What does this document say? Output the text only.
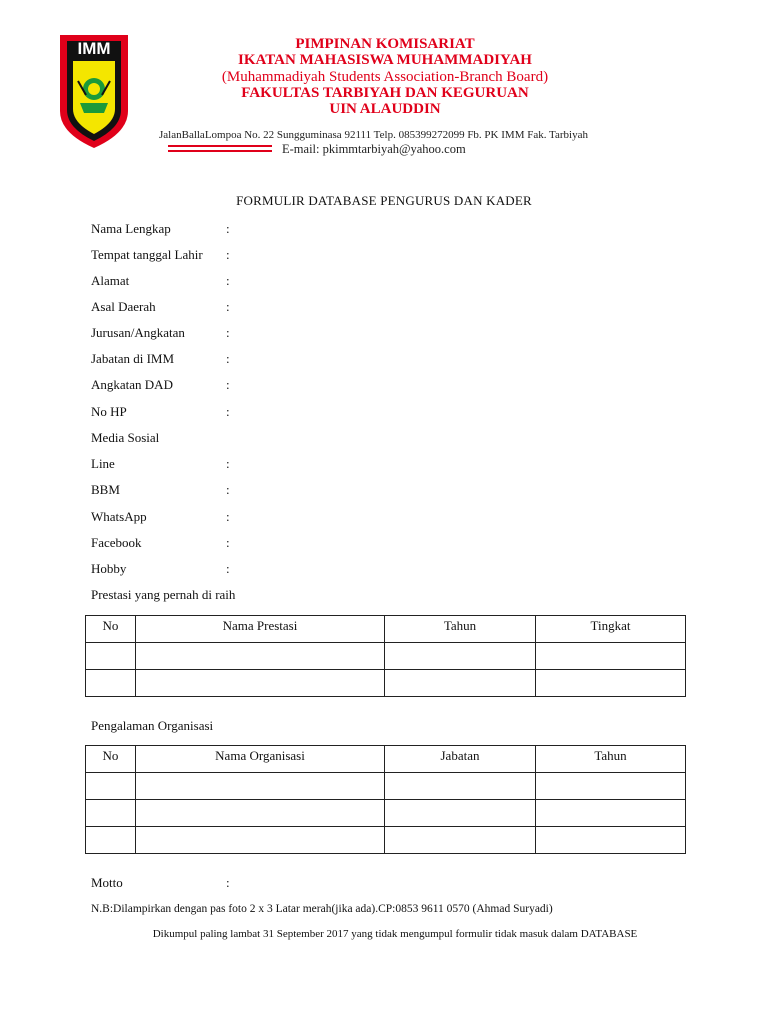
IMM	PIMPINAN KOMISARIAT
IKATAN MAHASISWA MUHAMMADIYAH
(Muhammadiyah Students Association-Branch Board)
FAKULTAS TARBIYAH DAN KEGURUAN
UIN ALAUDDIN
JalanBallaLompoa No. 22 Sungguminasa 92111 Telp. 085399272099 Fb. PK IMM Fak. Tarbiyah
E-mail: pkimmtarbiyah@yahoo.com
FORMULIR DATABASE PENGURUS DAN KADER
Nama Lengkap	:
Tempat tanggal Lahir :
Alamat	:
Asal Daerah	:
Jurusan/Angkatan	:
Jabatan di IMM	:
Angkatan DAD	:
No HP	:
Media Sosial
Line	:
BBM	:
WhatsApp	:
Facebook	:
Hobby	:
Prestasi yang pernah di raih
No	Nama Prestasi	Tahun	Tingkat

Pengalaman Organisasi
No	Nama Organisasi	Jabatan	Tahun

Motto	:
N.B:Dilampirkan dengan pas foto 2 x 3 Latar merah(jika ada).CP:0853 9611 0570 (Ahmad Suryadi)
Dikumpul paling lambat 31 September 2017 yang tidak mengumpul formulir tidak masuk dalam DATABASE
